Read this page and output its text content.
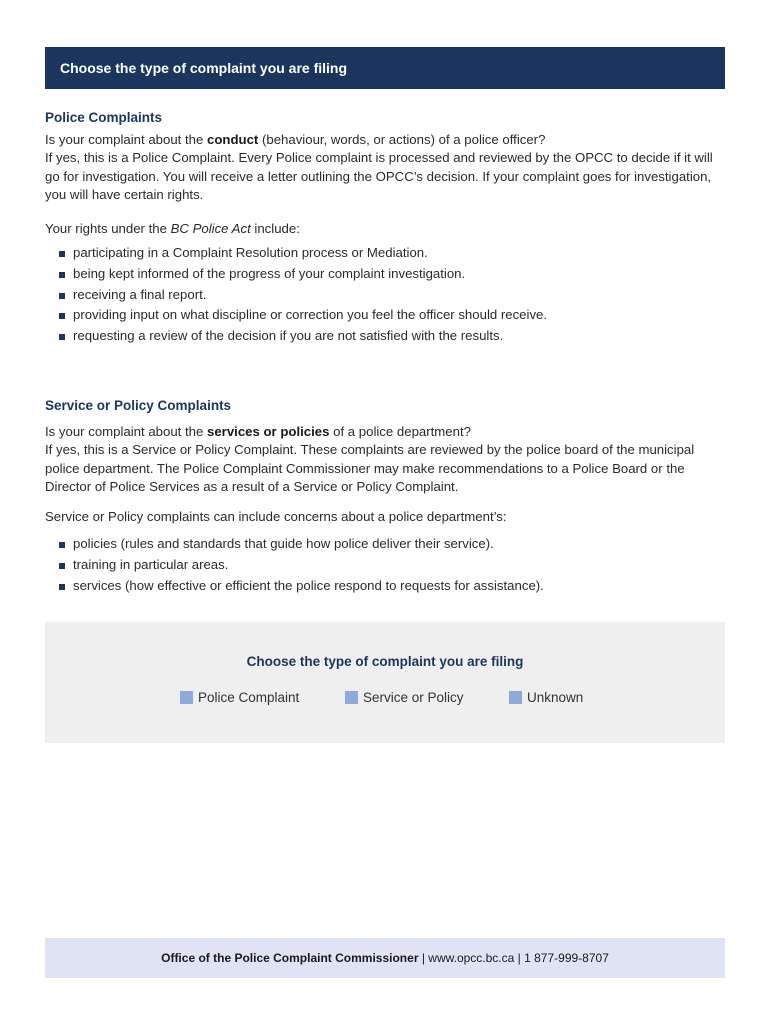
Choose the type of complaint you are filing
Police Complaints
Is your complaint about the conduct (behaviour, words, or actions) of a police officer?
If yes, this is a Police Complaint. Every Police complaint is processed and reviewed by the OPCC to decide if it will go for investigation. You will receive a letter outlining the OPCC’s decision. If your complaint goes for investigation, you will have certain rights.
Your rights under the BC Police Act include:
participating in a Complaint Resolution process or Mediation.
being kept informed of the progress of your complaint investigation.
receiving a final report.
providing input on what discipline or correction you feel the officer should receive.
requesting a review of the decision if you are not satisfied with the results.
Service or Policy Complaints
Is your complaint about the services or policies of a police department?
If yes, this is a Service or Policy Complaint. These complaints are reviewed by the police board of the municipal police department. The Police Complaint Commissioner may make recommendations to a Police Board or the Director of Police Services as a result of a Service or Policy Complaint.
Service or Policy complaints can include concerns about a police department’s:
policies (rules and standards that guide how police deliver their service).
training in particular areas.
services (how effective or efficient the police respond to requests for assistance).
Choose the type of complaint you are filing
Police Complaint	Service or Policy	Unknown
Office of the Police Complaint Commissioner | www.opcc.bc.ca | 1 877-999-8707
